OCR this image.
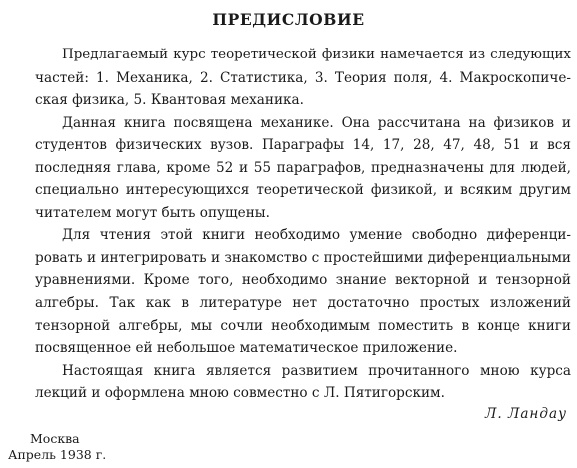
ПРЕДИСЛОВИЕ

Предлагаемый курс теоретической физики намечается из следующих
частей: 1. Механика, 2. Статистика, 3. Теория поля, 4. Макроскопиче-
ская физика, 5. Квантовая механика.

Данная книга посвящена механике. Она рассчитана на физиков и
студентов физических вузов. Параграфы 14, 17, 28, 47, 48, 51 и вся
последняя глава, кроме 52 и 55 параграфов, предназначены для людей,
специально интересующихся теоретической физикой, и всяким другим
читателем могут быть опущены.

Для чтения этой книги необходимо умение свободно диференци-
ровать и интегрировать и знакомство с простейшими диференциальными
уравнениями. Кроме того, необходимо знание векторной и тензорной
алгебры. Так как в литературе нет достаточно простых изложений
тензорной алгебры, мы сочли необходимым поместить в конце книги
посвященное ей небольшое математическое приложение.

Настоящая книга является развитием прочитанного мною курса
лекций и оформлена мною совместно с Л. Пятигорским.

Л. Ландау

Москва

Апрель 1938 г.
